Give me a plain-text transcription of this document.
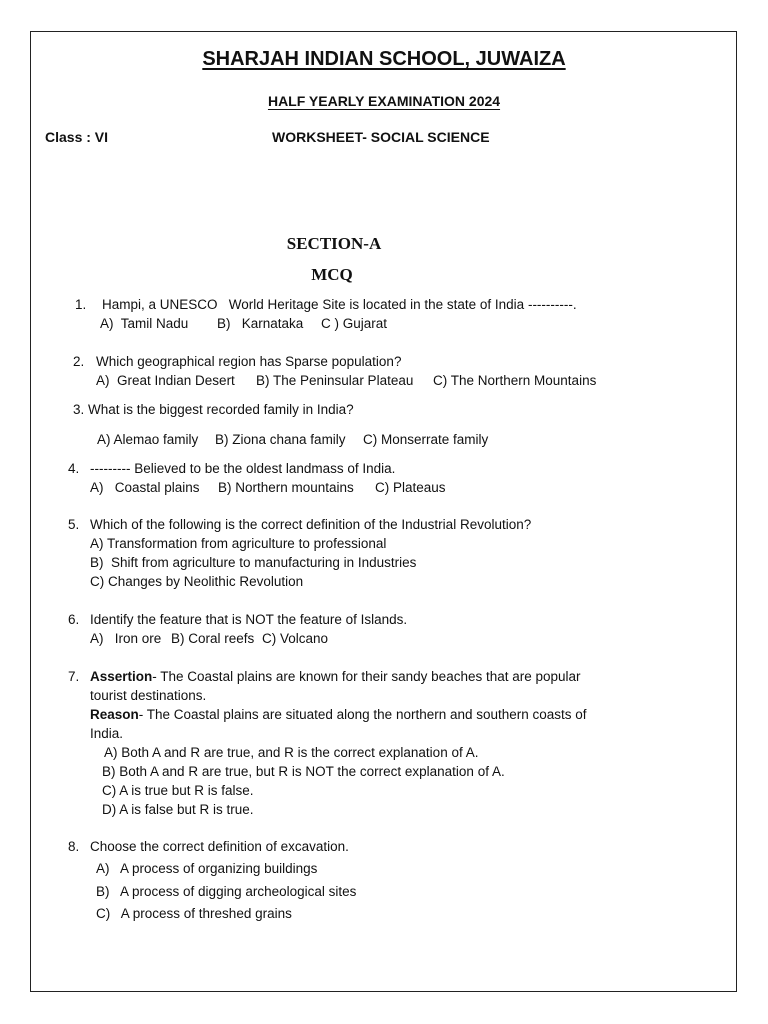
SHARJAH INDIAN SCHOOL, JUWAIZA
HALF YEARLY EXAMINATION 2024
Class : VI	WORKSHEET- SOCIAL SCIENCE
SECTION-A
MCQ
1. Hampi, a UNESCO   World Heritage Site is located in the state of India ----------.
A)  Tamil Nadu B)   Karnataka C ) Gujarat
2. Which geographical region has Sparse population?
A)  Great Indian Desert B) The Peninsular Plateau C) The Northern Mountains
3. What is the biggest recorded family in India?
A) Alemao family B) Ziona chana family C) Monserrate family
4. --------- Believed to be the oldest landmass of India.
A)   Coastal plains B) Northern mountains C) Plateaus
5. Which of the following is the correct definition of the Industrial Revolution?
A) Transformation from agriculture to professional
B)  Shift from agriculture to manufacturing in Industries
C) Changes by Neolithic Revolution
6. Identify the feature that is NOT the feature of Islands.
A)   Iron ore B) Coral reefs C) Volcano
7. Assertion- The Coastal plains are known for their sandy beaches that are popular
tourist destinations.
Reason- The Coastal plains are situated along the northern and southern coasts of
India.
A) Both A and R are true, and R is the correct explanation of A.
B) Both A and R are true, but R is NOT the correct explanation of A.
C) A is true but R is false.
D) A is false but R is true.
8. Choose the correct definition of excavation.
A)   A process of organizing buildings
B)   A process of digging archeological sites
C)   A process of threshed grains
